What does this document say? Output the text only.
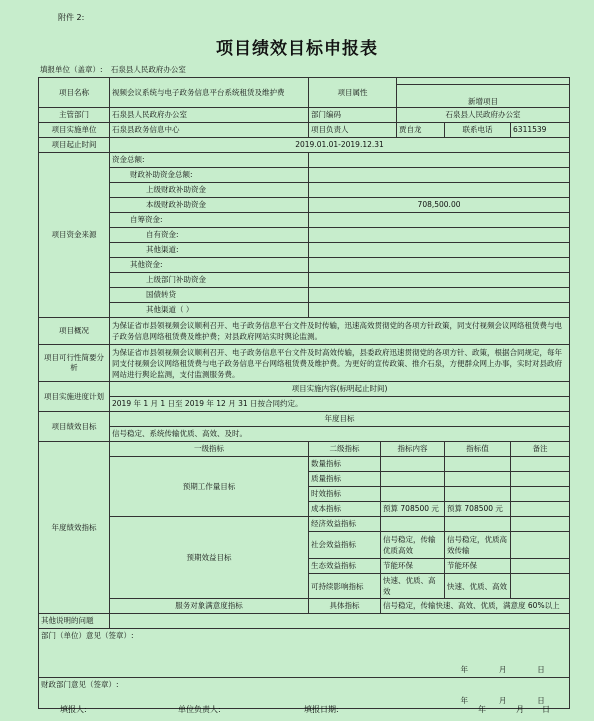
附件 2:
项目绩效目标申报表
填报单位（盖章）: 石泉县人民政府办公室
项目名称	视频会议系统与电子政务信息平台系统租赁及维护费	项目属性				
				新增项目		
主管部门	石泉县人民政府办公室	部门编码		石泉县人民政府办公室		
项目实施单位	石泉县政务信息中心	项目负责人		贾自龙	联系电话	6311539
项目起止时间	2019.01.01-2019.12.31					
项目资金来源	资金总额:					
	财政补助资金总额:					
	上级财政补助资金					
	本级财政补助资金	708,500.00				
	自筹资金:					
	自有资金:					
	其他渠道:					
	其他资金:					
	上级部门补助资金					
	国债转贷					
	其他渠道（ ）					
项目概况	为保证省市县领视频会议顺利召开、电子政务信息平台文件及时传输，迅速高效贯彻党的各项方针政策，同支付视频会议网络租赁费与电子政务信息网络租赁费及维护费；对县政府网站实时舆论监测。					
项目可行性简要分析	为保证省市县领视频会议顺利召开、电子政务信息平台文件及时高效传输，县委政府迅速贯彻党的各项方针、政策，根据合同规定，每年同支付视频会议网络租赁费与电子政务信息平台网络租赁费及维护费。为更好的宣传政策、推介石泉，方便群众网上办事，实时对县政府网站进行舆论监测，支付监测服务费。					
项目实施进度计划	项目实施内容(标明起止时间)					
	2019 年 1 月 1 日至 2019 年 12 月 31 日按合同约定。					
项目绩效目标	年度目标					
	信号稳定、系统传输优质、高效、及时。					
年度绩效指标	一级指标	二级指标	指标内容		指标值	备注
	预期工作量目标	数量指标				
		质量指标				
		时效指标				
		成本指标	预算 708500 元		预算 708500 元	
	预期效益目标	经济效益指标				
		社会效益指标	信号稳定，传输优质高效		信号稳定，优质高效传输	
		生态效益指标	节能环保		节能环保	
		可持续影响指标	快速、优质、高效		快速、优质、高效	
	服务对象满意度指标	具体指标	信号稳定，传输快速、高效、优质，满意度 60%以上			
其他说明的问题						
部门（单位）意见（签章）:						
年 月 日						
财政部门意见（签章）:						
年 月 日						
填报人:	单位负责人:	填报日期:	年	月	日
